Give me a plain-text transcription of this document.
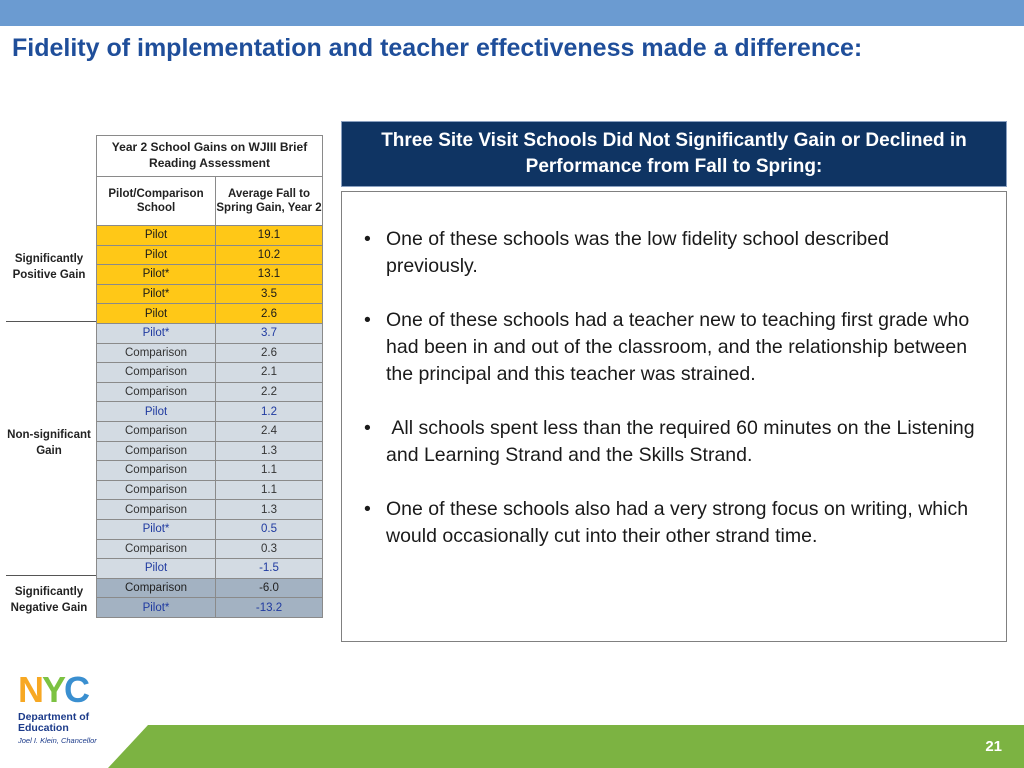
Fidelity of implementation and teacher effectiveness made a difference:
Year 2 School Gains on WJIII Brief Reading Assessment	
Pilot/Comparison School	Average Fall to Spring Gain, Year 2
Pilot	19.1
Pilot	10.2
Pilot*	13.1
Pilot*	3.5
Pilot	2.6
Pilot*	3.7
Comparison	2.6
Comparison	2.1
Comparison	2.2
Pilot	1.2
Comparison	2.4
Comparison	1.3
Comparison	1.1
Comparison	1.1
Comparison	1.3
Pilot*	0.5
Comparison	0.3
Pilot	-1.5
Comparison	-6.0
Pilot*	-13.2
Significantly Positive Gain
Non-significant Gain
Significantly Negative Gain
Three Site Visit Schools Did Not Significantly Gain or Declined in Performance from Fall to Spring:
• One of these schools was the low fidelity school described previously.
• One of these schools had a teacher new to teaching first grade who had been in and out of the classroom, and the relationship between the principal and this teacher was strained.
• All schools spent less than the required 60 minutes on the Listening and Learning Strand and the Skills Strand.
• One of these schools also had a very strong focus on writing, which would occasionally cut into their other strand time.
NYC
Department of Education
Joel I. Klein, Chancellor	21
